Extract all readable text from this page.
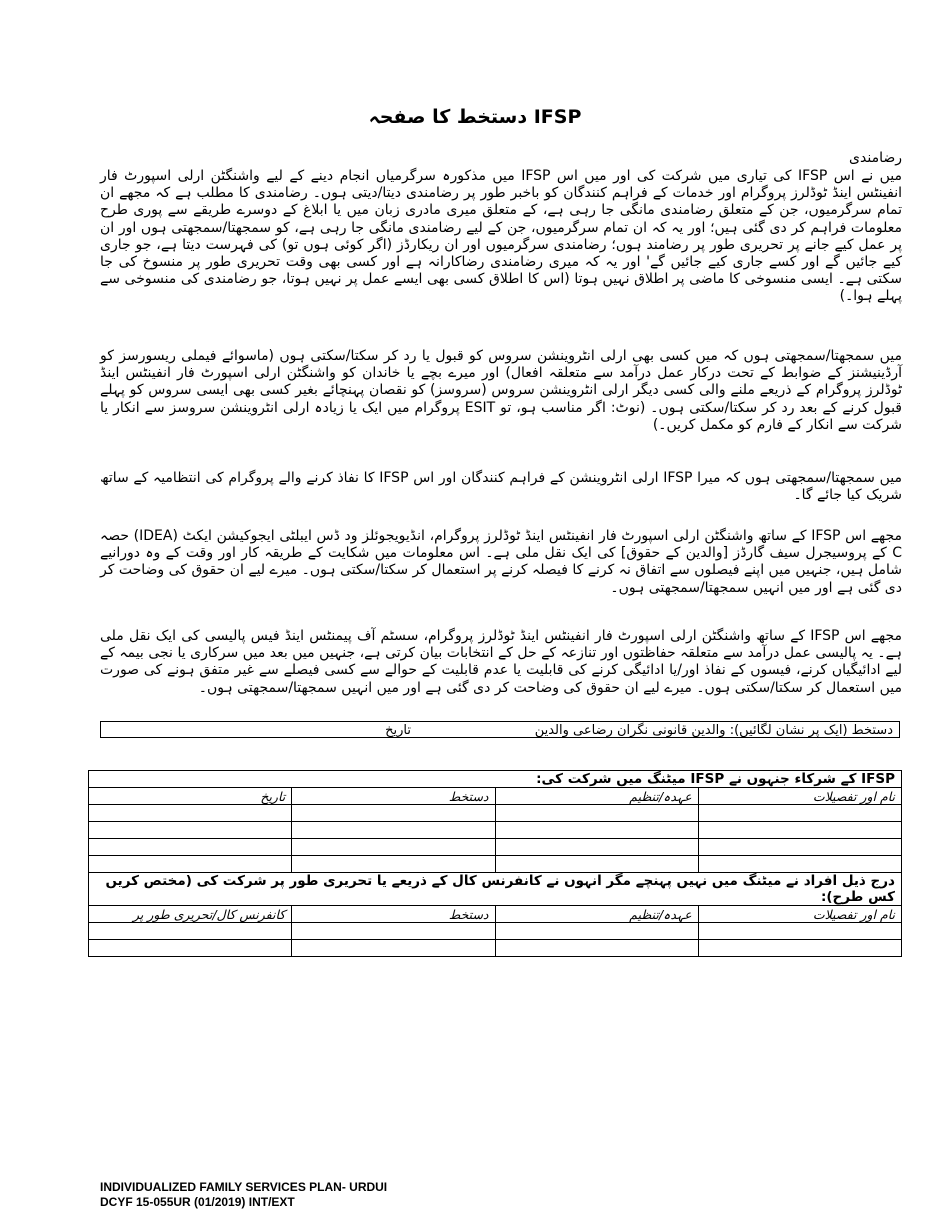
IFSP دستخط کا صفحہ
رضامندی

میں نے اس IFSP کی تیاری میں شرکت کی اور میں اس IFSP میں مذکورہ سرگرمیاں انجام دینے کے لیے واشنگٹن ارلی اسپورٹ فار انفینٹس اینڈ ٹوڈلرز پروگرام اور خدمات کے فراہم کنندگان کو باخبر طور پر رضامندی دیتا/دیتی ہوں۔ رضامندی کا مطلب ہے کہ مجھے ان تمام سرگرمیوں، جن کے متعلق رضامندی مانگی جا رہی ہے، کے متعلق میری مادری زبان میں یا ابلاغ کے دوسرے طریقے سے پوری طرح معلومات فراہم کر دی گئی ہیں؛ اور یہ کہ ان تمام سرگرمیوں، جن کے لیے رضامندی مانگی جا رہی ہے، کو سمجھتا/سمجھتی ہوں اور ان پر عمل کیے جانے پر تحریری طور پر رضامند ہوں؛ رضامندی سرگرمیوں اور ان ریکارڈز (اگر کوئی ہوں تو) کی فہرست دیتا ہے، جو جاری کیے جائیں گے اور کسے جاری کیے جائیں گے' اور یہ کہ میری رضامندی رضاکارانہ ہے اور کسی بھی وقت تحریری طور پر منسوخ کی جا سکتی ہے۔ ایسی منسوخی کا ماضی پر اطلاق نہیں ہوتا (اس کا اطلاق کسی بھی ایسے عمل پر نہیں ہوتا، جو رضامندی کی منسوخی سے پہلے ہوا۔)

میں سمجھتا/سمجھتی ہوں کہ میں کسی بھی ارلی انٹروینشن سروس کو قبول یا رد کر سکتا/سکتی ہوں (ماسوائے فیملی ریسورسز کو آرڈینیشنز کے ضوابط کے تحت درکار عمل درآمد سے متعلقہ افعال) اور میرے بچے یا خاندان کو واشنگٹن ارلی اسپورٹ فار انفینٹس اینڈ ٹوڈلرز پروگرام کے ذریعے ملنے والی کسی دیگر ارلی انٹروینشن سروس (سروسز) کو نقصان پہنچائے بغیر کسی بھی ایسی سروس کو پہلے قبول کرنے کے بعد رد کر سکتا/سکتی ہوں۔ (نوٹ: اگر مناسب ہو، تو ESIT پروگرام میں ایک یا زیادہ ارلی انٹروینشن سروسز سے انکار یا شرکت سے انکار کے فارم کو مکمل کریں۔)

میں سمجھتا/سمجھتی ہوں کہ میرا IFSP ارلی انٹروینشن کے فراہم کنندگان اور اس IFSP کا نفاذ کرنے والے پروگرام کی انتظامیہ کے ساتھ شریک کیا جائے گا۔

مجھے اس IFSP کے ساتھ واشنگٹن ارلی اسپورٹ فار انفینٹس اینڈ ٹوڈلرز پروگرام، انڈیویجوئلز ود ڈس ایبلٹی ایجوکیشن ایکٹ (IDEA) حصہ C کے پروسیجرل سیف گارڈز [والدین کے حقوق] کی ایک نقل ملی ہے۔ اس معلومات میں شکایت کے طریقہ کار اور وقت کے وہ دورانیے شامل ہیں، جنہیں میں اپنے فیصلوں سے اتفاق نہ کرنے کا فیصلہ کرنے پر استعمال کر سکتا/سکتی ہوں۔ میرے لیے ان حقوق کی وضاحت کر دی گئی ہے اور میں انہیں سمجھتا/سمجھتی ہوں۔

مجھے اس IFSP کے ساتھ واشنگٹن ارلی اسپورٹ فار انفینٹس اینڈ ٹوڈلرز پروگرام، سسٹم آف پیمنٹس اینڈ فیس پالیسی کی ایک نقل ملی ہے۔ یہ پالیسی عمل درآمد سے متعلقہ حفاظتوں اور تنازعہ کے حل کے انتخابات بیان کرتی ہے، جنہیں میں بعد میں سرکاری یا نجی بیمہ کے لیے ادائیگیاں کرنے، فیسوں کے نفاذ اور/یا ادائیگی کرنے کی قابلیت یا عدم قابلیت کے حوالے سے کسی فیصلے سے غیر متفق ہونے کی صورت میں استعمال کر سکتا/سکتی ہوں۔ میرے لیے ان حقوق کی وضاحت کر دی گئی ہے اور میں انہیں سمجھتا/سمجھتی ہوں۔

دستخط (ایک پر نشان لگائیں): والدین قانونی نگران رضاعی والدین
تاریخ
IFSP کے شرکاء جنہوں نے IFSP میٹنگ میں شرکت کی:			
نام اور تفصیلات	عہدہ/تنظیم	دستخط	تاریخ

درج ذیل افراد نے میٹنگ میں نہیں پہنچے مگر انہوں نے کانفرنس کال کے ذریعے یا تحریری طور پر شرکت کی (مختص کریں کس طرح):			
نام اور تفصیلات	عہدہ/تنظیم	دستخط	کانفرنس کال/تحریری طور پر

INDIVIDUALIZED FAMILY SERVICES PLAN- URDUI
DCYF 15-055UR (01/2019) INT/EXT
